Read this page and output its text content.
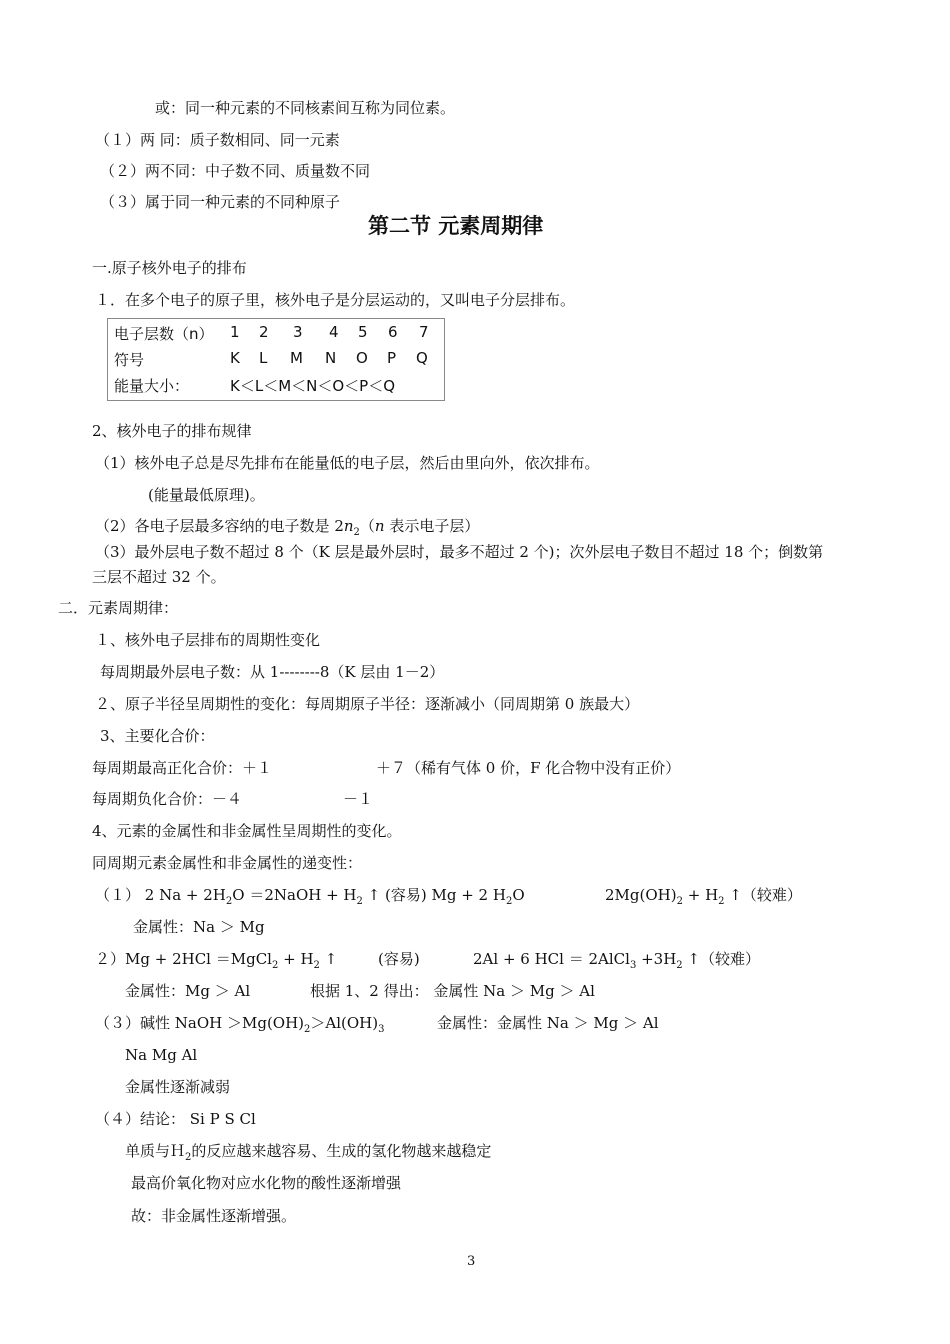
或：同一种元素的不同核素间互称为同位素。
（１）两 同：质子数相同、同一元素
（２）两不同：中子数不同、质量数不同
（３）属于同一种元素的不同种原子
第二节 元素周期律
一.原子核外电子的排布
１．在多个电子的原子里，核外电子是分层运动的，又叫电子分层排布。
电子层数（n） 1 2 3 4 5 6 7
符号	K L M N O P Q
能量大小：	K＜L＜M＜N＜O＜P＜Q
2、核外电子的排布规律
（1）核外电子总是尽先排布在能量低的电子层，然后由里向外，依次排布。
(能量最低原理)。
（2）各电子层最多容纳的电子数是 $2n_2(n$ 表示电子层）
（3）最外层电子数不超过 8 个（K 层是最外层时，最多不超过 2 个)；次外层电子数目不超过 18 个；倒数第
三层不超过 32 个。
二．元素周期律：
１、核外电子层排布的周期性变化
每周期最外层电子数：从 1--------8（K 层由 1－2）
２、原子半径呈周期性的变化：每周期原子半径：逐渐减小（同周期第 0 族最大）
3、主要化合价：
每周期最高正化合价：＋１	＋７（稀有气体 0 价，F 化合物中没有正价）
每周期负化合价：－４	－１
4、元素的金属性和非金属性呈周期性的变化。
同周期元素金属性和非金属性的递变性：
（１） 2 $Na + 2H_2O$ ＝2NaOH + $H_2$ ↑ (容易) Mg + 2 $H_2O$	$2Mg(OH)_2 + H_2$ ↑（较难）
金属性：Na ＞ Mg
２）Mg + 2HCl ＝MgCl$_2$ + $H_2$ ↑	(容易)	2Al + 6 HCl ＝ 2AlCl$_3$ $+3H_2$ ↑（较难）
金属性：Mg ＞ Al	根据 1、2 得出： 金属性 Na ＞ Mg ＞ Al
（３）碱性 NaOH $>Mg(OH)_2>Al(OH)_3$	金属性：金属性 Na ＞ Mg ＞ Al
Na Mg Al
金属性逐渐减弱
（４）结论： Si P S Cl
单质与Ｈ$_2$的反应越来越容易、生成的氢化物越来越稳定
最高价氧化物对应水化物的酸性逐渐增强
故：非金属性逐渐增强。
3
